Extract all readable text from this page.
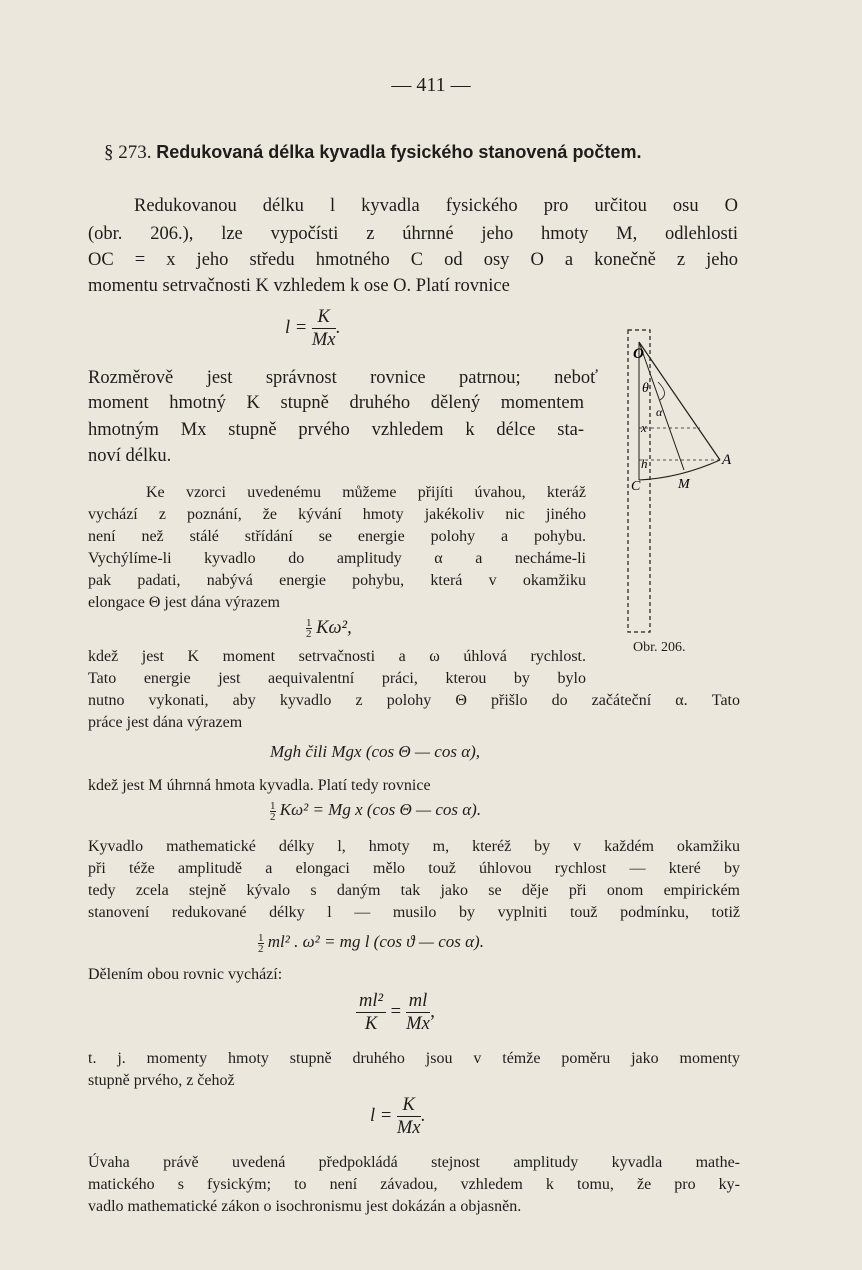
— 411 —
§ 273. Redukovaná délka kyvadla fysického stanovená počtem.
Redukovanou délku l kyvadla fysického pro určitou osu O
(obr. 206.), lze vypočísti z úhrnné jeho hmoty M, odlehlosti
OC = x jeho středu hmotného C od osy O a konečně z jeho
momentu setrvačnosti K vzhledem k ose O. Platí rovnice
$l = \frac{K}{Mx}$ .
Rozměrově jest správnost rovnice patrnou; neboť
moment hmotný K stupně druhého dělený momentem
hmotným Mx stupně prvého vzhledem k délce sta-
noví délku.
Ke vzorci uvedenému můžeme přijíti úvahou, kteráž
vychází z poznání, že kývání hmoty jakékoliv nic jiného
není než stálé střídání se energie polohy a pohybu.
Vychýlíme-li kyvadlo do amplitudy α a necháme-li
pak padati, nabývá energie pohybu, která v okamžiku
elongace Θ jest dána výrazem
$\frac{1}{2} K\omega^2$,
kdež jest K moment setrvačnosti a ω úhlová rychlost.
Tato energie jest aequivalentní práci, kterou by bylo
nutno vykonati, aby kyvadlo z polohy Θ přišlo do začáteční α. Tato
práce jest dána výrazem
Mgh čili Mgx (cos Θ — cos α),
kdež jest M úhrnná hmota kyvadla. Platí tedy rovnice
$\frac{1}{2} K\omega^2 = Mg$ x (cos Θ — cos α).
Kyvadlo mathematické délky l, hmoty m, kteréž by v každém okamžiku
při téže amplitudě a elongaci mělo touž úhlovou rychlost — které by
tedy zcela stejně kývalo s daným tak jako se děje při onom empirickém
stanovení redukované délky l — musilo by vyplniti touž podmínku, totiž
$\frac{1}{2} ml^2$ . ω² = mg l (cos ϑ — cos α).
Dělením obou rovnic vychází:
$\frac{\text{ml²}}{K} = \frac{ml}{Mx}$ ,
t. j. momenty hmoty stupně druhého jsou v témže poměru jako momenty
stupně prvého, z čehož
$l = \frac{K}{Mx}$ .
Úvaha právě uvedená předpokládá stejnost amplitudy kyvadla mathe-
matického s fysickým; to není závadou, vzhledem k tomu, že pro ky-
vadlo mathematické zákon o isochronismu jest dokázán a objasněn.
O
θ
α
x
h
C
A
M
Obr. 206.
